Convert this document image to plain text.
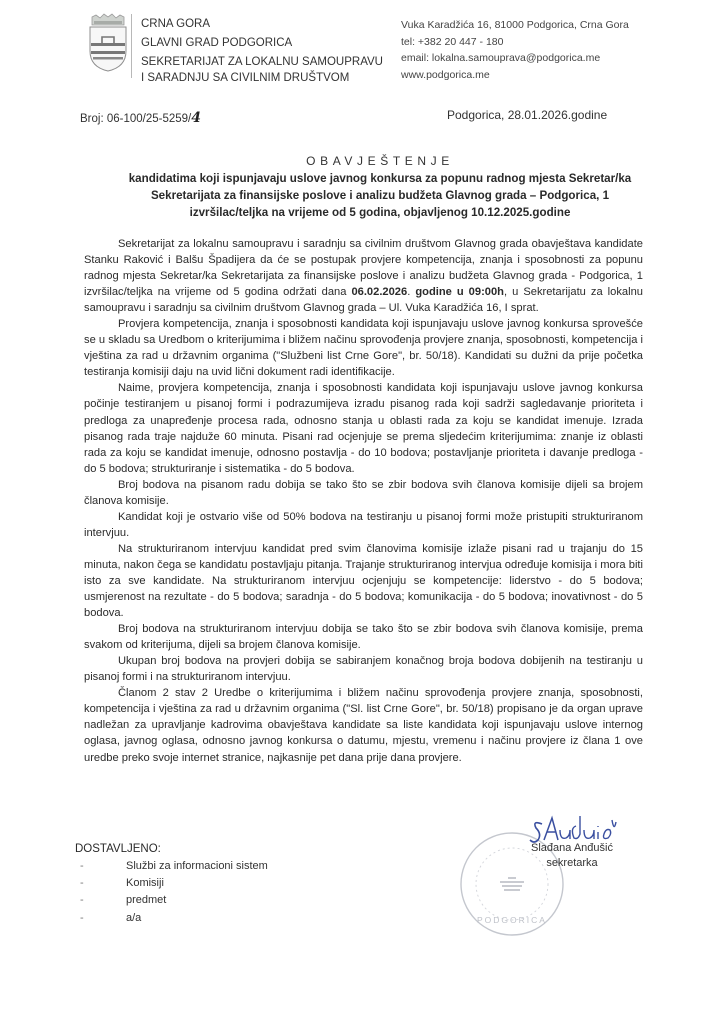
CRNA GORA
GLAVNI GRAD PODGORICA
SEKRETARIJAT ZA LOKALNU SAMOUPRAVU
I SARADNJU SA CIVILNIM DRUŠTVOM
Vuka Karadžića 16, 81000 Podgorica, Crna Gora
tel: +382 20 447 - 180
email: lokalna.samouprava@podgorica.me
www.podgorica.me
Broj: 06-100/25-5259/4	Podgorica, 28.01.2026.godine
OBAVJEŠTENJE
kandidatima koji ispunjavaju uslove javnog konkursa za popunu radnog mjesta Sekretar/ka
Sekretarijata za finansijske poslove i analizu budžeta Glavnog grada – Podgorica, 1
izvršilac/teljka na vrijeme od 5 godina, objavljenog 10.12.2025.godine

Sekretarijat za lokalnu samoupravu i saradnju sa civilnim društvom Glavnog grada obavještava kandidate Stanku Raković i Balšu Špadijera da će se postupak provjere kompetencija, znanja i sposobnosti za popunu radnog mjesta Sekretar/ka Sekretarijata za finansijske poslove i analizu budžeta Glavnog grada - Podgorica, 1 izvršilac/teljka na vrijeme od 5 godina održati dana 06.02.2026. godine u 09:00h, u Sekretarijatu za lokalnu samoupravu i saradnju sa civilnim društvom Glavnog grada – Ul. Vuka Karadžića 16, I sprat.

Provjera kompetencija, znanja i sposobnosti kandidata koji ispunjavaju uslove javnog konkursa sprovešće se u skladu sa Uredbom o kriterijumima i bližem načinu sprovođenja provjere znanja, sposobnosti, kompetencija i vještina za rad u državnim organima ("Službeni list Crne Gore", br. 50/18). Kandidati su dužni da prije početka testiranja komisiji daju na uvid lični dokument radi identifikacije.

Naime, provjera kompetencija, znanja i sposobnosti kandidata koji ispunjavaju uslove javnog konkursa počinje testiranjem u pisanoj formi i podrazumijeva izradu pisanog rada koji sadrži sagledavanje prioriteta i predloga za unapređenje procesa rada, odnosno stanja u oblasti rada za koju se kandidat imenuje. Izrada pisanog rada traje najduže 60 minuta. Pisani rad ocjenjuje se prema sljedećim kriterijumima: znanje iz oblasti rada za koju se kandidat imenuje, odnosno postavlja - do 10 bodova; postavljanje prioriteta i davanje predloga - do 5 bodova; strukturiranje i sistematika - do 5 bodova.

Broj bodova na pisanom radu dobija se tako što se zbir bodova svih članova komisije dijeli sa brojem članova komisije.

Kandidat koji je ostvario više od 50% bodova na testiranju u pisanoj formi može pristupiti strukturiranom intervjuu.

Na strukturiranom intervjuu kandidat pred svim članovima komisije izlaže pisani rad u trajanju do 15 minuta, nakon čega se kandidatu postavljaju pitanja. Trajanje strukturiranog intervjua određuje komisija i mora biti isto za sve kandidate. Na strukturiranom intervjuu ocjenjuju se kompetencije: liderstvo - do 5 bodova; usmjerenost na rezultate - do 5 bodova; saradnja - do 5 bodova; komunikacija - do 5 bodova; inovativnost - do 5 bodova.

Broj bodova na strukturiranom intervjuu dobija se tako što se zbir bodova svih članova komisije, prema svakom od kriterijuma, dijeli sa brojem članova komisije.

Ukupan broj bodova na provjeri dobija se sabiranjem konačnog broja bodova dobijenih na testiranju u pisanoj formi i na strukturiranom intervjuu.

Članom 2 stav 2 Uredbe o kriterijumima i bližem načinu sprovođenja provjere znanja, sposobnosti, kompetencija i vještina za rad u državnim organima ("Sl. list Crne Gore", br. 50/18) propisano je da organ uprave nadležan za upravljanje kadrovima obavještava kandidate sa liste kandidata koji ispunjavaju uslove internog oglasa, javnog oglasa, odnosno javnog konkursa o datumu, mjestu, vremenu i načinu provjere iz člana 1 ove uredbe preko svoje internet stranice, najkasnije pet dana prije dana provjere.

DOSTAVLJENO:
-	Službi za informacioni sistem
-	Komisiji
-	predmet
-	a/a	PODGORICA
Slađana Anđušić
sekretarka
